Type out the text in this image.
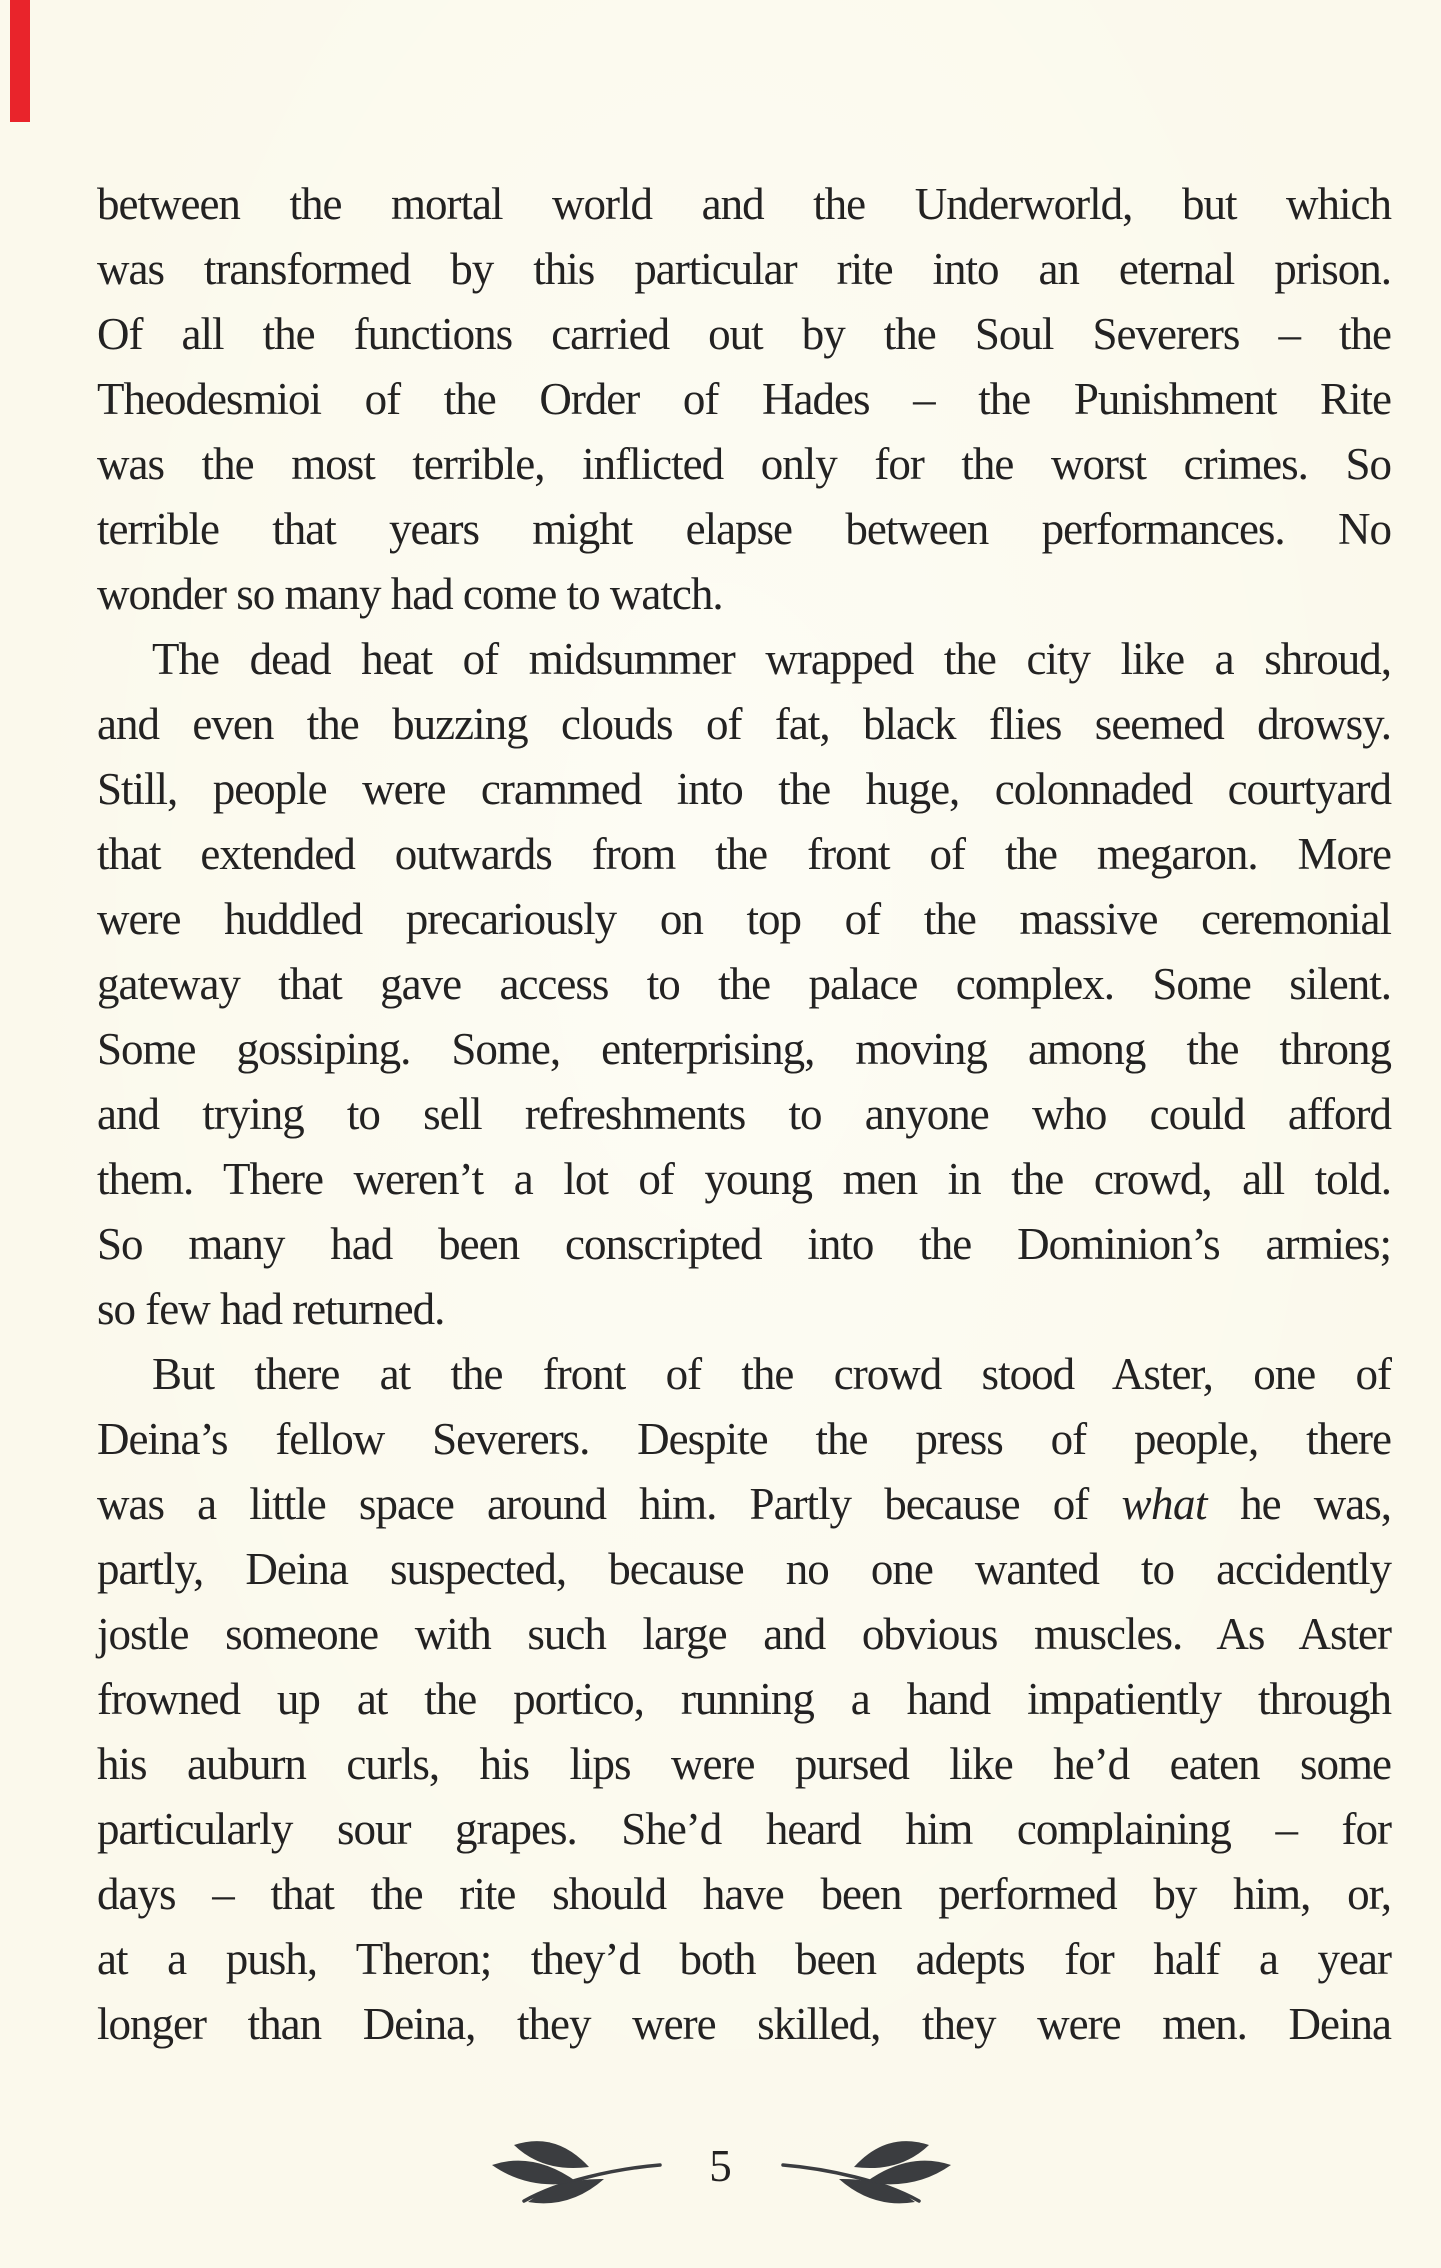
between the mortal world and the Underworld, but which
was transformed by this particular rite into an eternal prison.
Of all the functions carried out by the Soul Severers – the
Theodesmioi of the Order of Hades – the Punishment Rite
was the most terrible, inflicted only for the worst crimes. So
terrible that years might elapse between performances. No
wonder so many had come to watch.
The dead heat of midsummer wrapped the city like a shroud,
and even the buzzing clouds of fat, black flies seemed drowsy.
Still, people were crammed into the huge, colonnaded courtyard
that extended outwards from the front of the megaron. More
were huddled precariously on top of the massive ceremonial
gateway that gave access to the palace complex. Some silent.
Some gossiping. Some, enterprising, moving among the throng
and trying to sell refreshments to anyone who could afford
them. There weren’t a lot of young men in the crowd, all told.
So many had been conscripted into the Dominion’s armies;
so few had returned.
But there at the front of the crowd stood Aster, one of
Deina’s fellow Severers. Despite the press of people, there
was a little space around him. Partly because of what he was,
partly, Deina suspected, because no one wanted to accidently
jostle someone with such large and obvious muscles. As Aster
frowned up at the portico, running a hand impatiently through
his auburn curls, his lips were pursed like he’d eaten some
particularly sour grapes. She’d heard him complaining – for
days – that the rite should have been performed by him, or,
at a push, Theron; they’d both been adepts for half a year
longer than Deina, they were skilled, they were men. Deina
5
